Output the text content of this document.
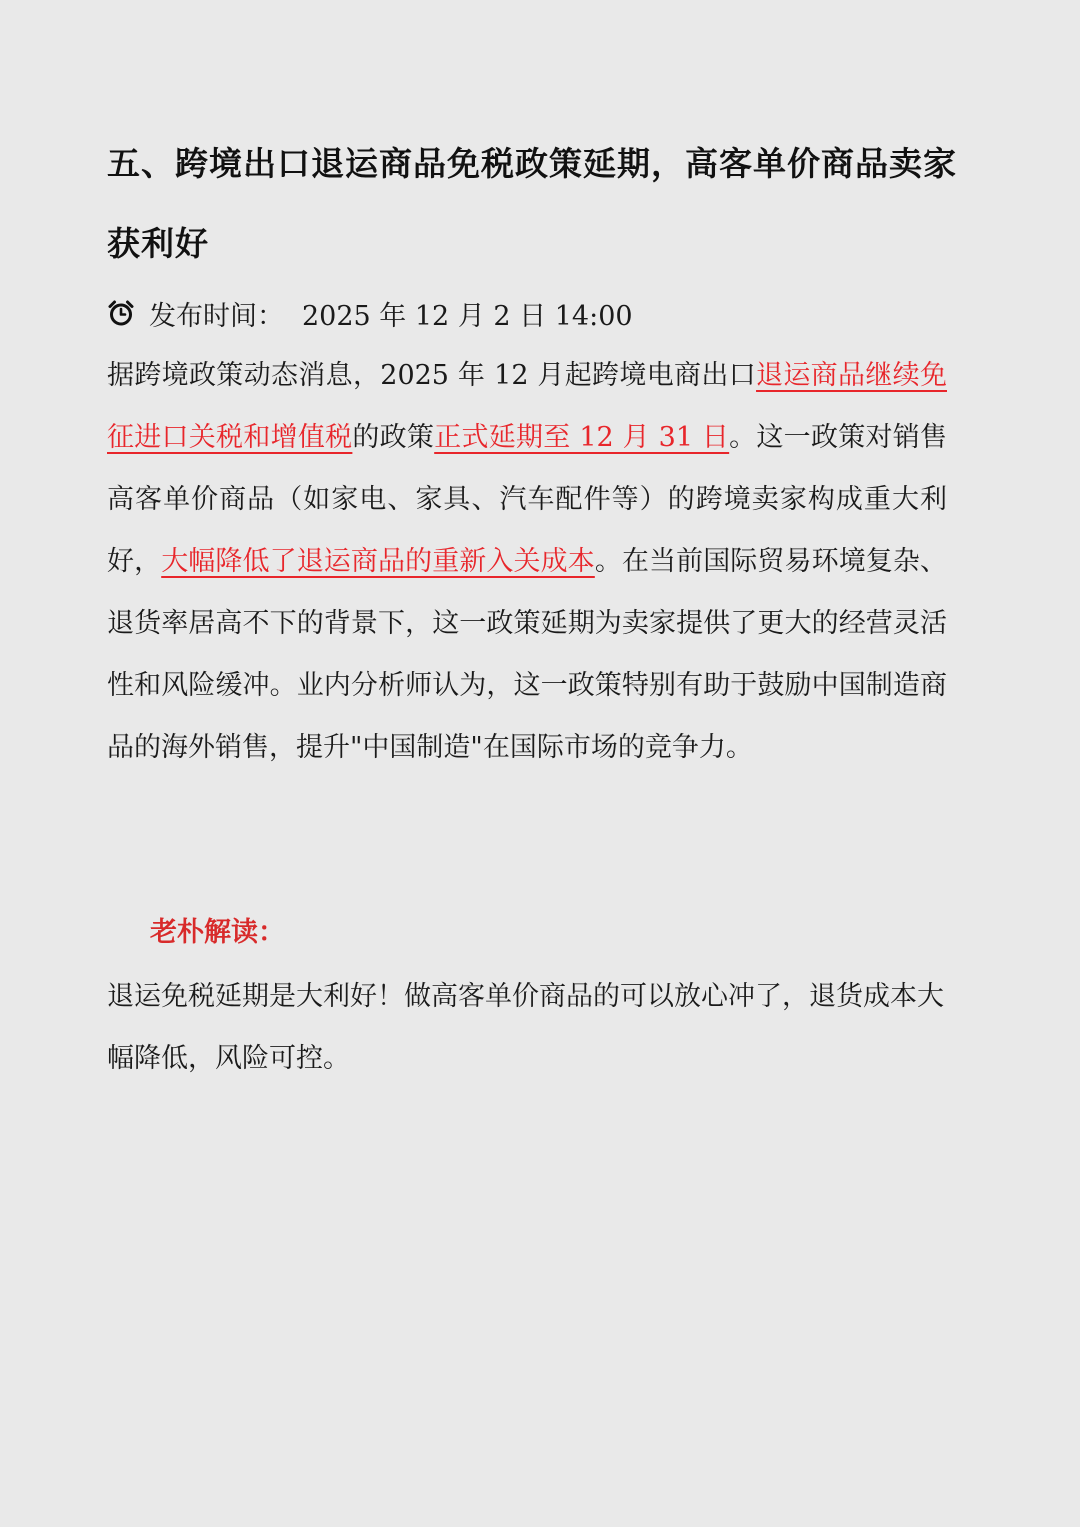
五、跨境出口退运商品免税政策延期，高客单价商品卖家获利好
发布时间： 2025 年 12 月 2 日 14:00

据跨境政策动态消息，2025 年 12 月起跨境电商出口退运商品继续免征进口关税和增值税的政策正式延期至 12 月 31 日。这一政策对销售高客单价商品（如家电、家具、汽车配件等）的跨境卖家构成重大利好，大幅降低了退运商品的重新入关成本。在当前国际贸易环境复杂、退货率居高不下的背景下，这一政策延期为卖家提供了更大的经营灵活性和风险缓冲。业内分析师认为，这一政策特别有助于鼓励中国制造商品的海外销售，提升"中国制造"在国际市场的竞争力。

老朴解读：

退运免税延期是大利好！做高客单价商品的可以放心冲了，退货成本大幅降低，风险可控。
